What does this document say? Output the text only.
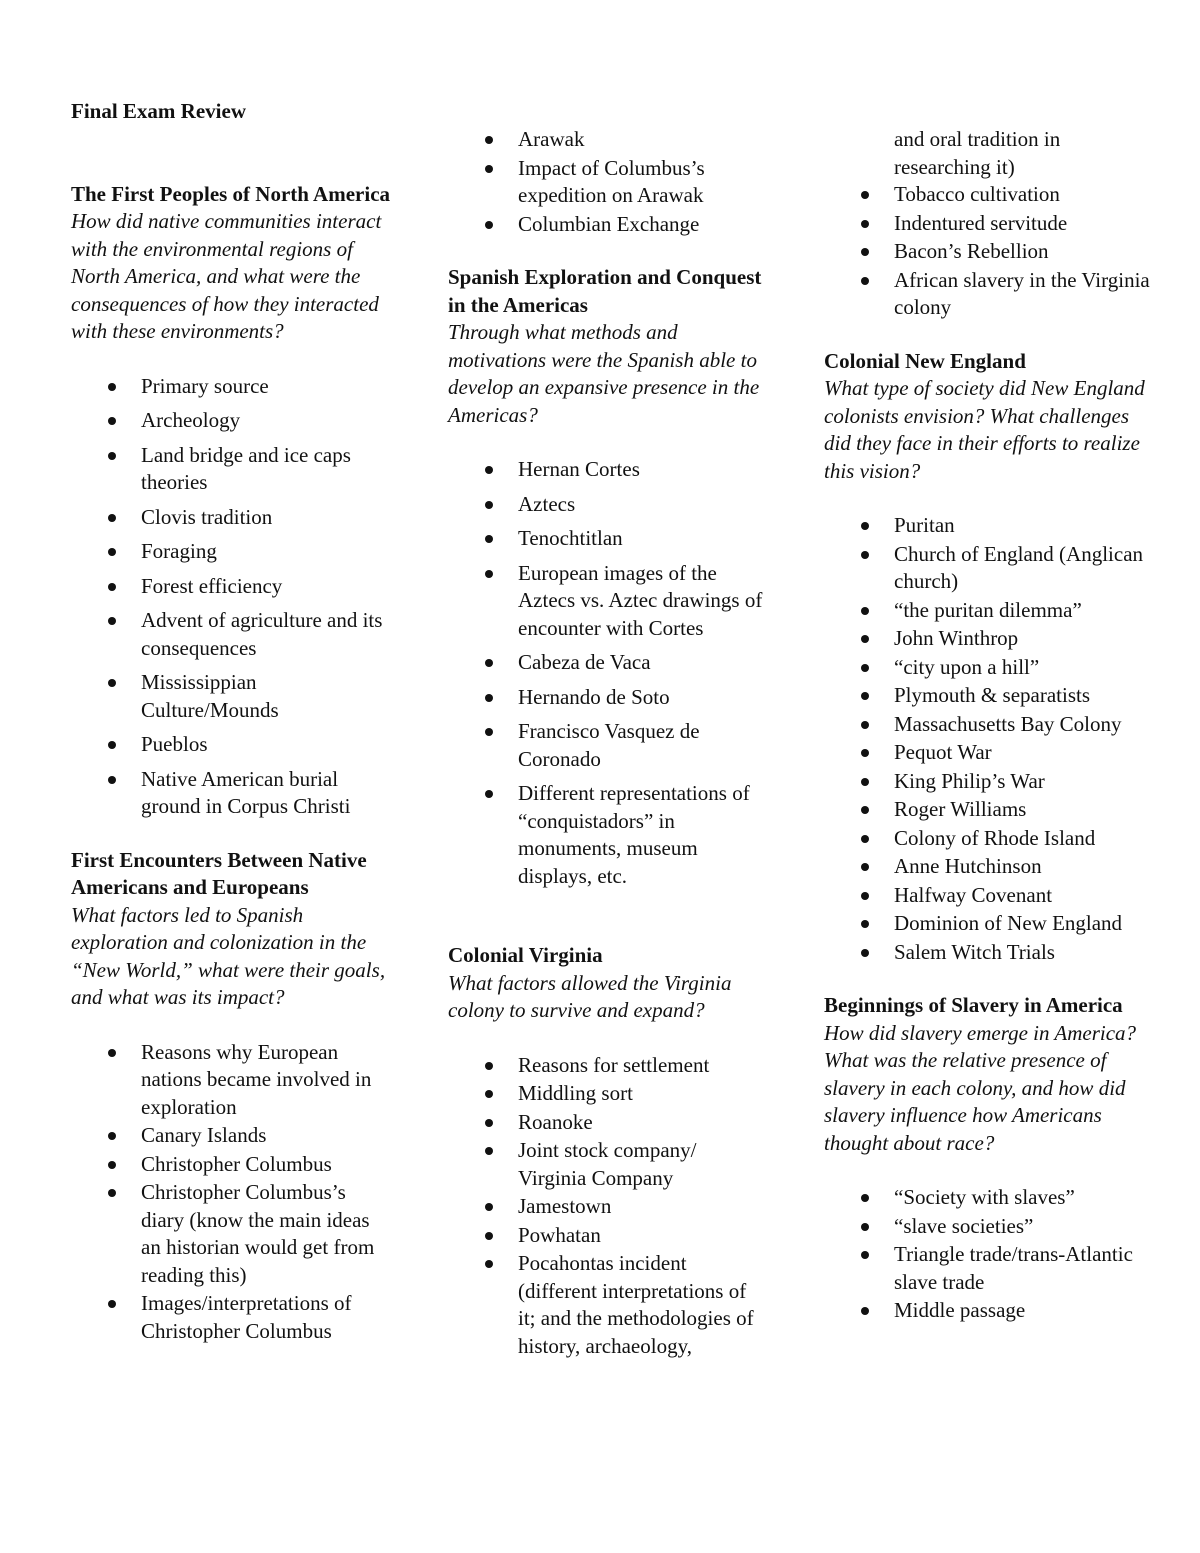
Final Exam Review
The First Peoples of North America
How did native communities interact with the environmental regions of North America, and what were the consequences of how they interacted with these environments?
Primary source
Archeology
Land bridge and ice caps theories
Clovis tradition
Foraging
Forest efficiency
Advent of agriculture and its consequences
Mississippian Culture/Mounds
Pueblos
Native American burial ground in Corpus Christi
First Encounters Between Native Americans and Europeans
What factors led to Spanish exploration and colonization in the “New World,” what were their goals, and what was its impact?
Reasons why European nations became involved in exploration
Canary Islands
Christopher Columbus
Christopher Columbus’s diary (know the main ideas an historian would get from reading this)
Images/interpretations of Christopher Columbus
Arawak
Impact of Columbus’s expedition on Arawak
Columbian Exchange
Spanish Exploration and Conquest in the Americas
Through what methods and motivations were the Spanish able to develop an expansive presence in the Americas?
Hernan Cortes
Aztecs
Tenochtitlan
European images of the Aztecs vs. Aztec drawings of encounter with Cortes
Cabeza de Vaca
Hernando de Soto
Francisco Vasquez de Coronado
Different representations of “conquistadors” in monuments, museum displays, etc.
Colonial Virginia
What factors allowed the Virginia colony to survive and expand?
Reasons for settlement
Middling sort
Roanoke
Joint stock company/ Virginia Company
Jamestown
Powhatan
Pocahontas incident (different interpretations of it; and the methodologies of history, archaeology,
and oral tradition in researching it)
Tobacco cultivation
Indentured servitude
Bacon’s Rebellion
African slavery in the Virginia colony
Colonial New England
What type of society did New England colonists envision? What challenges did they face in their efforts to realize this vision?
Puritan
Church of England (Anglican church)
“the puritan dilemma”
John Winthrop
“city upon a hill”
Plymouth & separatists
Massachusetts Bay Colony
Pequot War
King Philip’s War
Roger Williams
Colony of Rhode Island
Anne Hutchinson
Halfway Covenant
Dominion of New England
Salem Witch Trials
Beginnings of Slavery in America
How did slavery emerge in America? What was the relative presence of slavery in each colony, and how did slavery influence how Americans thought about race?
“Society with slaves”
“slave societies”
Triangle trade/trans-Atlantic slave trade
Middle passage
